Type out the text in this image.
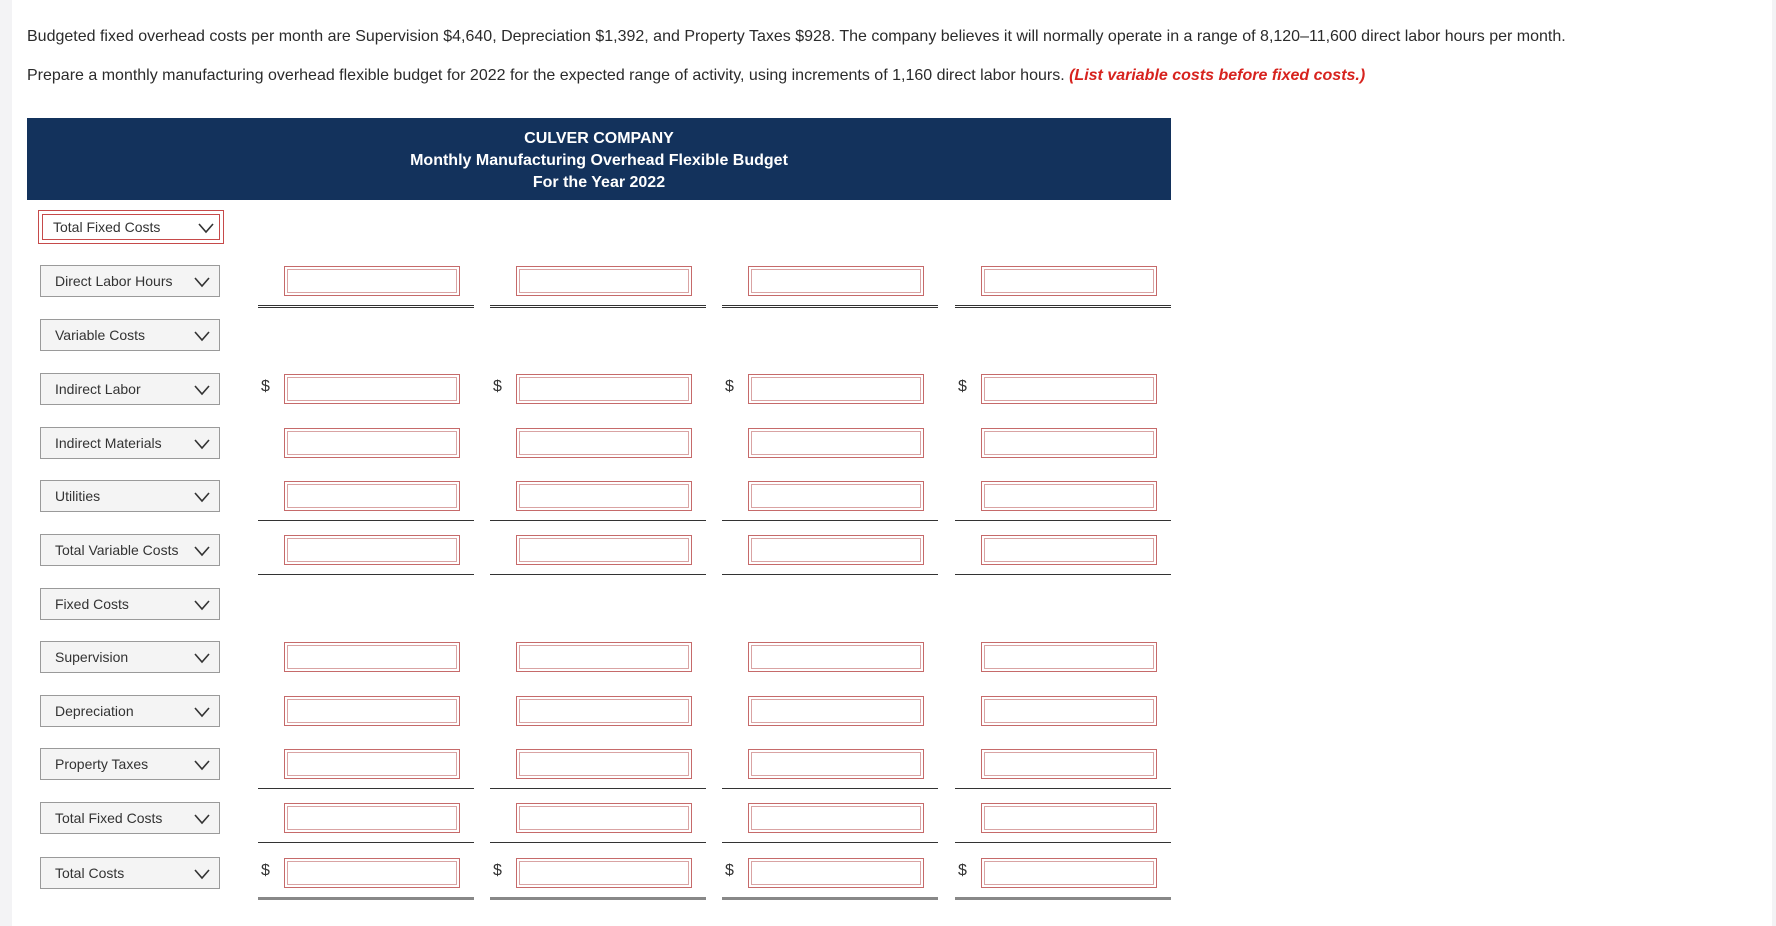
Budgeted fixed overhead costs per month are Supervision $4,640, Depreciation $1,392, and Property Taxes $928. The company believes it will normally operate in a range of 8,120–11,600 direct labor hours per month.
Prepare a monthly manufacturing overhead flexible budget for 2022 for the expected range of activity, using increments of 1,160 direct labor hours. (List variable costs before fixed costs.)
CULVER COMPANY
Monthly Manufacturing Overhead Flexible Budget
For the Year 2022
Total Fixed Costs
Direct Labor Hours
Variable Costs
Indirect Labor	$	$	$	$
Indirect Materials
Utilities
Total Variable Costs
Fixed Costs
Supervision
Depreciation
Property Taxes
Total Fixed Costs
Total Costs	$	$	$	$
